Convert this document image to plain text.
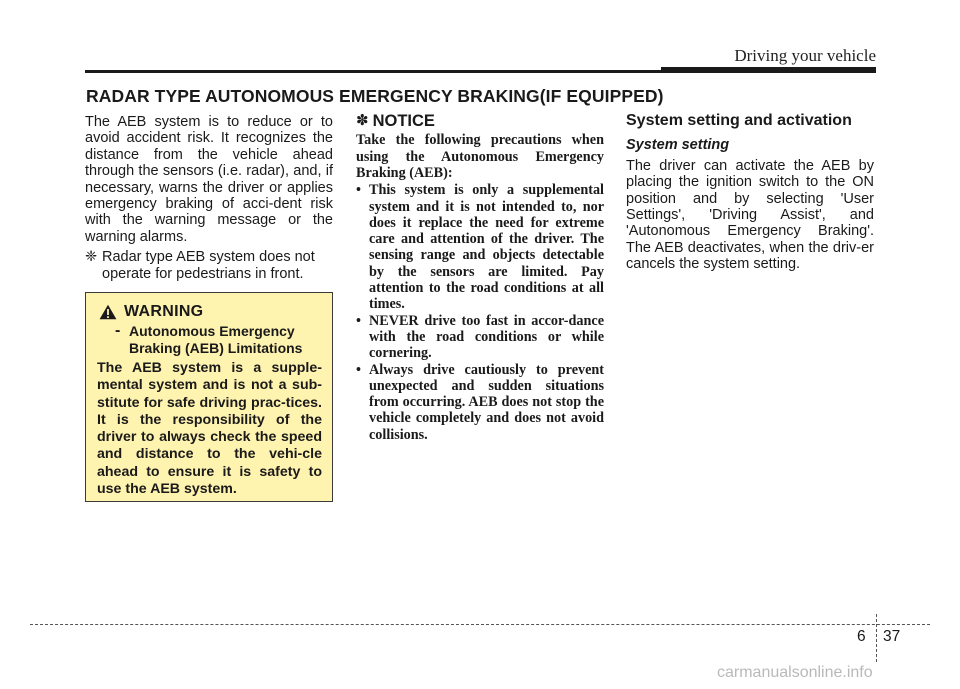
Driving your vehicle
RADAR TYPE AUTONOMOUS EMERGENCY BRAKING(IF EQUIPPED)

The AEB system is to reduce or to avoid accident risk. It recognizes the distance from the vehicle ahead through the sensors (i.e. radar), and, if necessary, warns the driver or applies emergency braking of acci-dent risk with the warning message or the warning alarms.

❈ Radar type AEB system does not operate for pedestrians in front.
WARNING
- Autonomous Emergency Braking (AEB) Limitations
The AEB system is a supple-mental system and is not a sub-stitute for safe driving prac-tices. It is the responsibility of the driver to always check the speed and distance to the vehi-cle ahead to ensure it is safety to use the AEB system.
✽ NOTICE

Take the following precautions when using the Autonomous Emergency Braking (AEB):

• This system is only a supplemental system and it is not intended to, nor does it replace the need for extreme care and attention of the driver. The sensing range and objects detectable by the sensors are limited. Pay attention to the road conditions at all times.
• NEVER drive too fast in accor-dance with the road conditions or while cornering.
• Always drive cautiously to prevent unexpected and sudden situations from occurring. AEB does not stop the vehicle completely and does not avoid collisions.
System setting and activation
System setting

The driver can activate the AEB by placing the ignition switch to the ON position and by selecting 'User Settings', 'Driving Assist', and 'Autonomous Emergency Braking'. The AEB deactivates, when the driv-er cancels the system setting.

6 37
carmanualsonline.info
